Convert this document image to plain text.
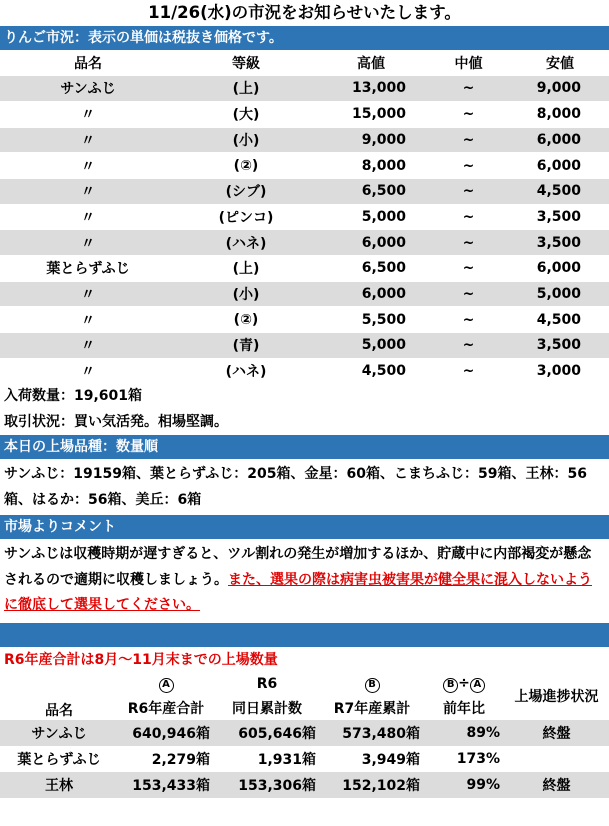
11/26(水)の市況をお知らせいたします。
りんご市況：表示の単価は税抜き価格です。
品名	等級	高値	中値	安値
サンふじ	(上)	13,000	~	9,000
〃	(大)	15,000	~	8,000
〃	(小)	9,000	~	6,000
〃	(②)	8,000	~	6,000
〃	(シブ)	6,500	~	4,500
〃	(ピンコ)	5,000	~	3,500
〃	(ハネ)	6,000	~	3,500
葉とらずふじ	(上)	6,500	~	6,000
〃	(小)	6,000	~	5,000
〃	(②)	5,500	~	4,500
〃	(青)	5,000	~	3,500
〃	(ハネ)	4,500	~	3,000
入荷数量：19,601箱
取引状況：買い気活発。相場堅調。
本日の上場品種：数量順
サンふじ：19159箱、葉とらずふじ：205箱、金星：60箱、こまちふじ：59箱、王林：56箱、はるか：56箱、美丘：6箱
市場よりコメント
サンふじは収穫時期が遅すぎると、ツル割れの発生が増加するほか、貯蔵中に内部褐変が懸念されるので適期に収穫しましょう。また、選果の際は病害虫被害果が健全果に混入しないように徹底して選果してください。
R6年産合計は8月～11月末までの上場数量
品名	A	R6	B	B ÷ A	上場進捗状況
	R6年産合計	同日累計数	R7年産累計	前年比	
サンふじ	640,946箱	605,646箱	573,480箱	89%	終盤
葉とらずふじ	2,279箱	1,931箱	3,949箱	173%	
王林	153,433箱	153,306箱	152,102箱	99%	終盤
